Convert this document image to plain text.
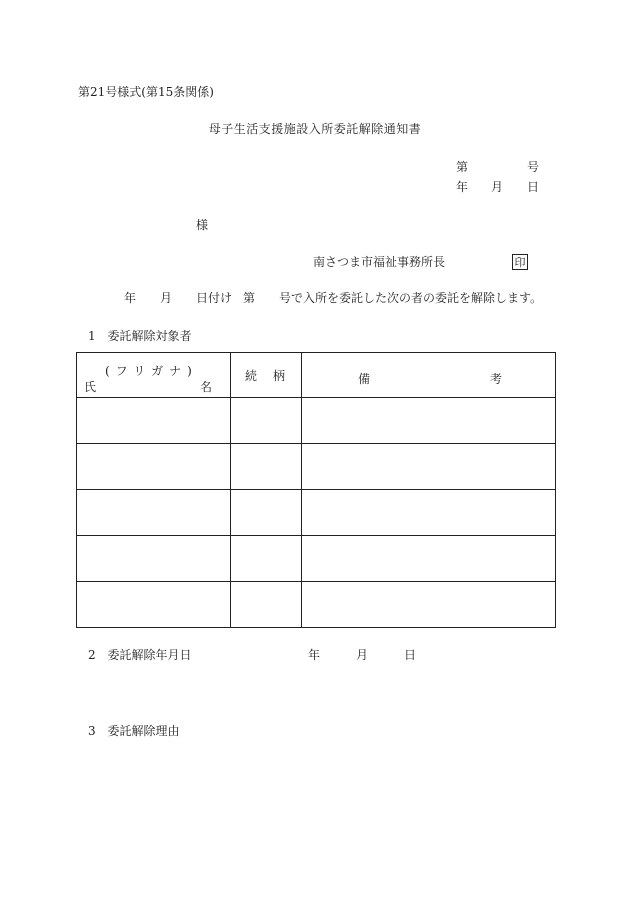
第21号様式(第15条関係)
母子生活支援施設入所委託解除通知書
第	号
年 月 日
様
南さつま市福祉事務所長	印
年 月 日付け 第 号で入所を委託した次の者の委託を解除します。
1 委託解除対象者
(フリガナ)
氏 名	続柄	備 考

2 委託解除年月日	年	月	日
3 委託解除理由
